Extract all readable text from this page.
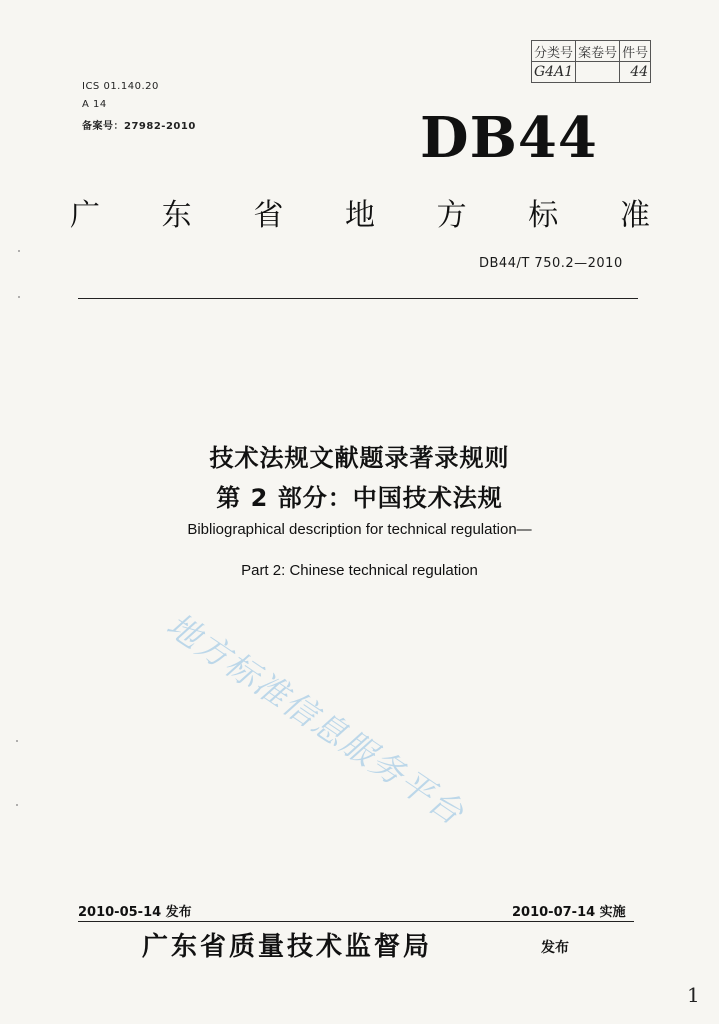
分类号	案卷号	件号
G4A1		44
ICS 01.140.20
A 14
备案号：27982-2010	DB44
广 东 省 地 方 标 准
DB44/T 750.2—2010
技术法规文献题录著录规则
第 2 部分：中国技术法规
Bibliographical description for technical regulation—
Part 2: Chinese technical regulation
地方标准信息服务平台
2010-05-14 发布	2010-07-14 实施
广东省质量技术监督局	发布
1
